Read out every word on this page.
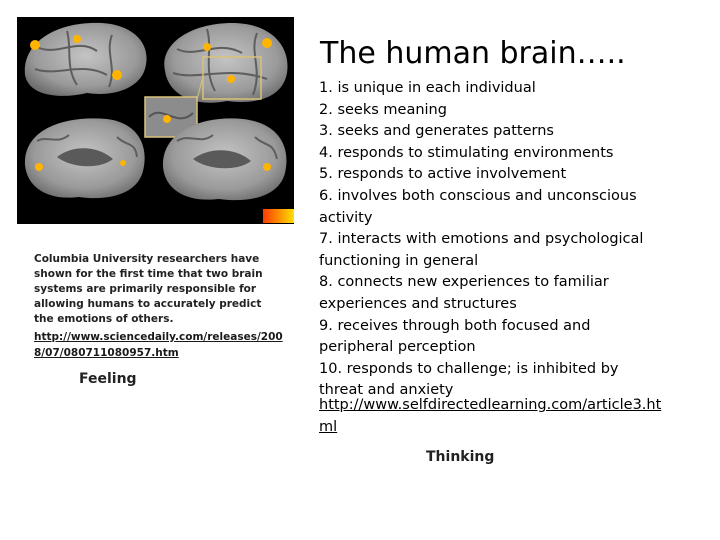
Columbia University researchers have shown for the first time that two brain systems are primarily responsible for allowing humans to accurately predict the emotions of others.

http://www.sciencedaily.com/releases/2008/07/080711080957.htm
Feeling
The human brain…..
1. is unique in each individual
2. seeks meaning
3. seeks and generates patterns
4. responds to stimulating environments
5. responds to active involvement
6. involves both conscious and unconscious activity
7. interacts with emotions and psychological functioning in general
8. connects new experiences to familiar experiences and structures
9. receives through both focused and peripheral perception
10. responds to challenge; is inhibited by threat and anxiety
http://www.selfdirectedlearning.com/article3.html
Thinking
